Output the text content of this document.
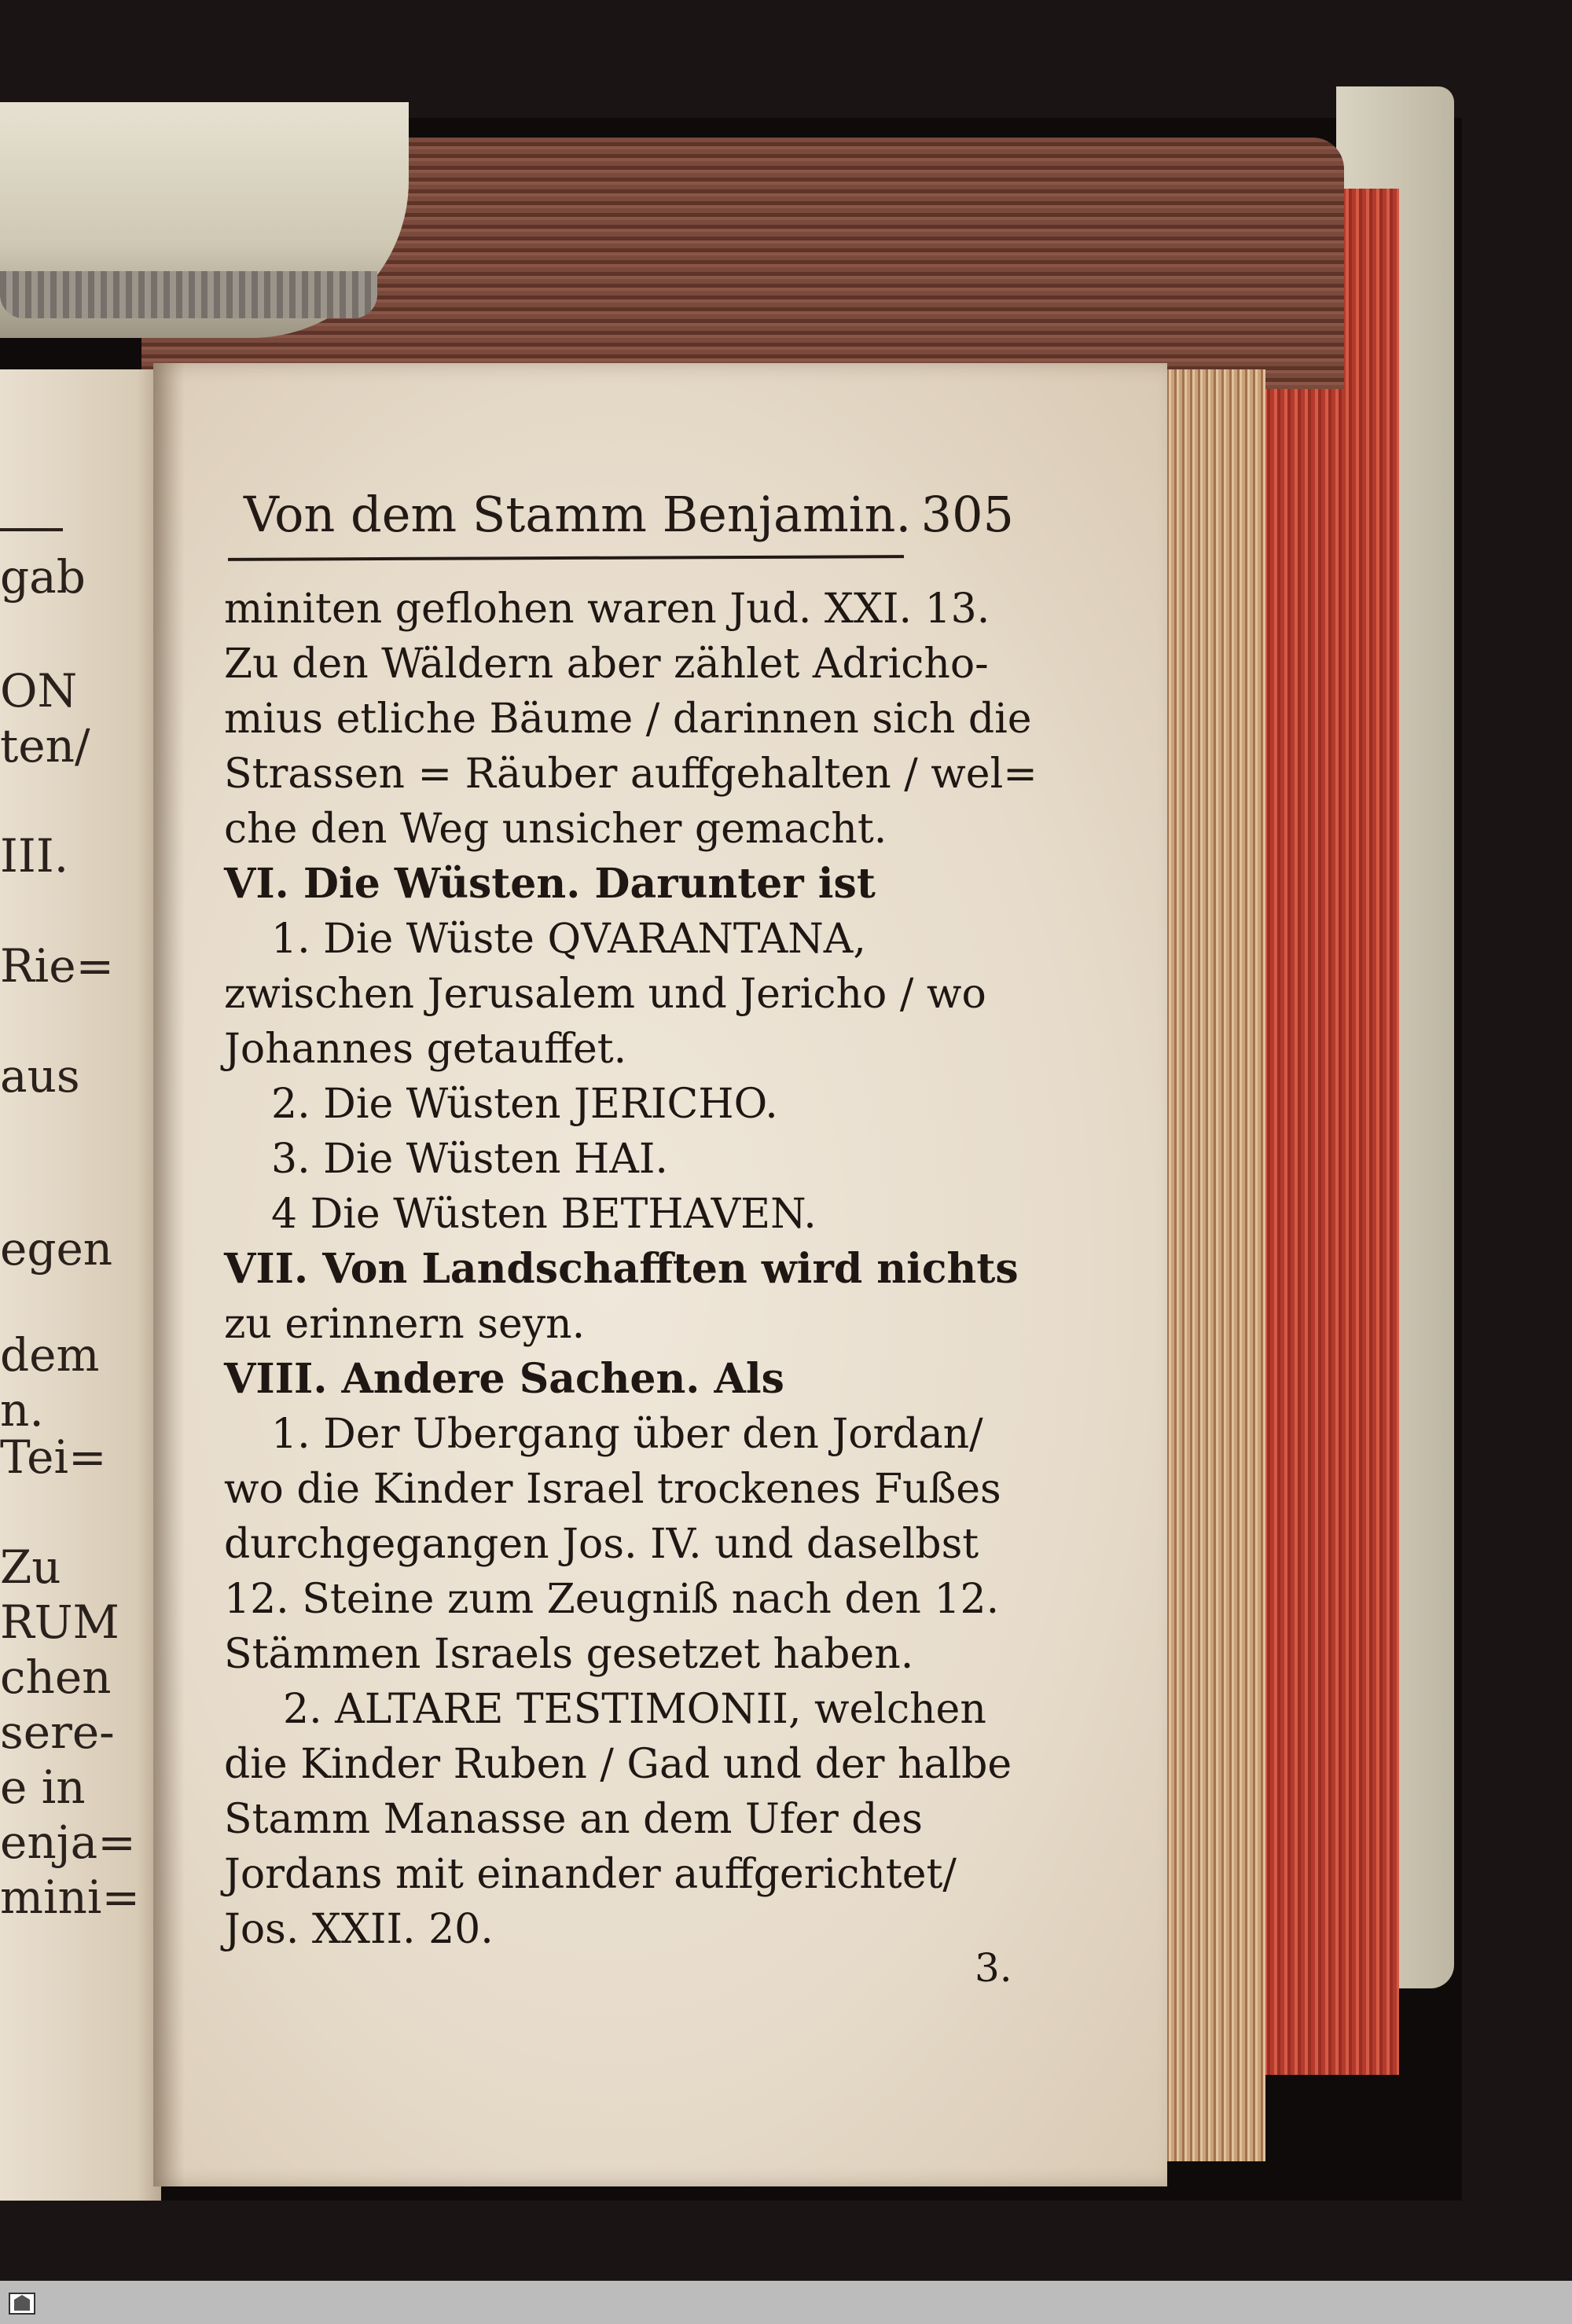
gab
ON
ten/
III.
Rie=
aus
egen
dem
n.
Tei=
Zu
RUM
chen
sere-
e in
enja=
mini=
Von dem Stamm Benjamin. 305
miniten geflohen waren Jud. XXI. 13.
Zu den Wäldern aber zählet Adricho-
mius etliche Bäume / darinnen sich die
Strassen = Räuber auffgehalten / wel=
che den Weg unsicher gemacht.
VI. Die Wüsten. Darunter ist
1. Die Wüste QVARANTANA,
zwischen Jerusalem und Jericho / wo
Johannes getauffet.
2. Die Wüsten JERICHO.
3. Die Wüsten HAI.
4 Die Wüsten BETHAVEN.
VII. Von Landschafften wird nichts
zu erinnern seyn.
VIII. Andere Sachen. Als
1. Der Ubergang über den Jordan/
wo die Kinder Israel trockenes Fußes
durchgegangen Jos. IV. und daselbst
12. Steine zum Zeugniß nach den 12.
Stämmen Israels gesetzet haben.
2. ALTARE TESTIMONII, welchen
die Kinder Ruben / Gad und der halbe
Stamm Manasse an dem Ufer des
Jordans mit einander auffgerichtet/
Jos. XXII. 20.
3.
